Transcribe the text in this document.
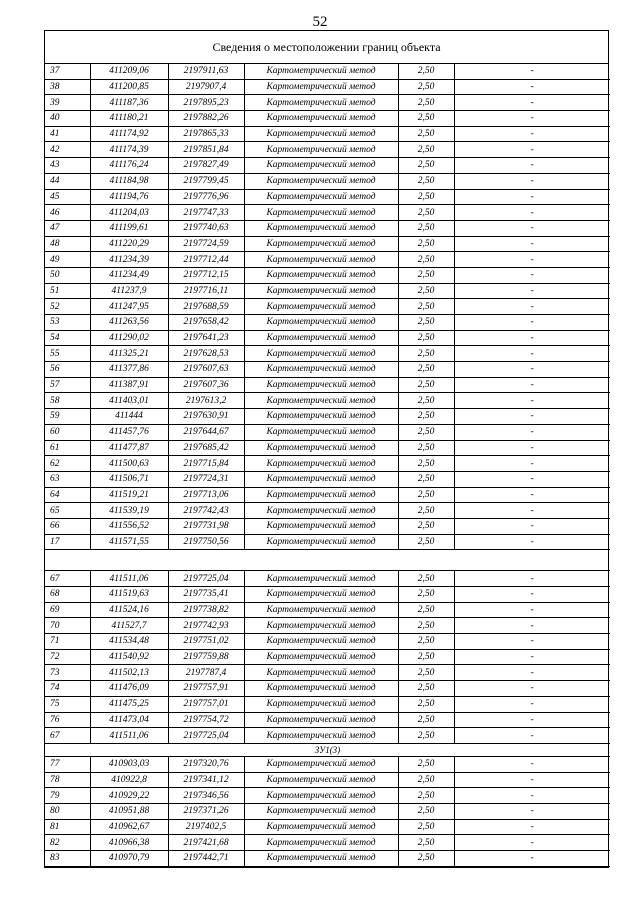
52
Сведения о местоположении границ объекта
37	411209,06	2197911,63	Картометрический метод	2,50	-
38	411200,85	2197907,4	Картометрический метод	2,50	-
39	411187,36	2197895,23	Картометрический метод	2,50	-
40	411180,21	2197882,26	Картометрический метод	2,50	-
41	411174,92	2197865,33	Картометрический метод	2,50	-
42	411174,39	2197851,84	Картометрический метод	2,50	-
43	411176,24	2197827,49	Картометрический метод	2,50	-
44	411184,98	2197799,45	Картометрический метод	2,50	-
45	411194,76	2197776,96	Картометрический метод	2,50	-
46	411204,03	2197747,33	Картометрический метод	2,50	-
47	411199,61	2197740,63	Картометрический метод	2,50	-
48	411220,29	2197724,59	Картометрический метод	2,50	-
49	411234,39	2197712,44	Картометрический метод	2,50	-
50	411234,49	2197712,15	Картометрический метод	2,50	-
51	411237,9	2197716,11	Картометрический метод	2,50	-
52	411247,95	2197688,59	Картометрический метод	2,50	-
53	411263,56	2197658,42	Картометрический метод	2,50	-
54	411290,02	2197641,23	Картометрический метод	2,50	-
55	411325,21	2197628,53	Картометрический метод	2,50	-
56	411377,86	2197607,63	Картометрический метод	2,50	-
57	411387,91	2197607,36	Картометрический метод	2,50	-
58	411403,01	2197613,2	Картометрический метод	2,50	-
59	411444	2197630,91	Картометрический метод	2,50	-
60	411457,76	2197644,67	Картометрический метод	2,50	-
61	411477,87	2197685,42	Картометрический метод	2,50	-
62	411500,63	2197715,84	Картометрический метод	2,50	-
63	411506,71	2197724,31	Картометрический метод	2,50	-
64	411519,21	2197713,06	Картометрический метод	2,50	-
65	411539,19	2197742,43	Картометрический метод	2,50	-
66	411556,52	2197731,98	Картометрический метод	2,50	-
17	411571,55	2197750,56	Картометрический метод	2,50	-

67	411511,06	2197725,04	Картометрический метод	2,50	-
68	411519,63	2197735,41	Картометрический метод	2,50	-
69	411524,16	2197738,82	Картометрический метод	2,50	-
70	411527,7	2197742,93	Картометрический метод	2,50	-
71	411534,48	2197751,02	Картометрический метод	2,50	-
72	411540,92	2197759,88	Картометрический метод	2,50	-
73	411502,13	2197787,4	Картометрический метод	2,50	-
74	411476,09	2197757,91	Картометрический метод	2,50	-
75	411475,25	2197757,01	Картометрический метод	2,50	-
76	411473,04	2197754,72	Картометрический метод	2,50	-
67	411511,06	2197725,04	Картометрический метод	2,50	-
ЗУ1(3)					
77	410903,03	2197320,76	Картометрический метод	2,50	-
78	410922,8	2197341,12	Картометрический метод	2,50	-
79	410929,22	2197346,56	Картометрический метод	2,50	-
80	410951,88	2197371,26	Картометрический метод	2,50	-
81	410962,67	2197402,5	Картометрический метод	2,50	-
82	410966,38	2197421,68	Картометрический метод	2,50	-
83	410970,79	2197442,71	Картометрический метод	2,50	-
